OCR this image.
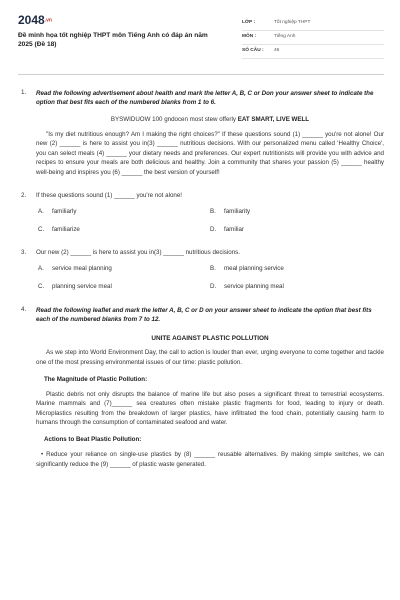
2048.vn
Đề minh họa tốt nghiệp THPT môn Tiếng Anh có đáp án năm 2025 (Đề 18)
LỚP :	Tốt nghiệp THPT
MÔN :	Tiếng Anh
SỐ CÂU :	46
1.	Read the following advertisement about health and mark the letter A, B, C or Don your answer sheet to indicate the option that best fits each of the numbered blanks from 1 to 6.
BYSWIDUOW 100 gndocen most stew offerly EAT SMART, LIVE WELL
"Is my diet nutritious enough? Am I making the right choices?" If these questions sound (1) ______ you're not alone! Our new (2) ______ is here to assist you in(3) ______ nutritious decisions. With our personalized menu called 'Healthy Choice', you can select meals (4) ______ your dietary needs and preferences. Our expert nutritionists will provide you with advice and recipes to ensure your meals are both delicious and healthy. Join a community that shares your passion (5) ______ healthy well-being and inspires you (6) ______ the best version of yourself!
2.	If these questions sound (1) ______ you're not alone!
A.	familiarly	B.	familiarity
C.	familiarize	D.	familiar
3.	Our new (2) ______ is here to assist you in(3) ______ nutritious decisions.
A.	service meal planning	B.	meal planning service
C.	planning service meal	D.	service planning meal
4.	Read the following leaflet and mark the letter A, B, C or D on your answer sheet to indicate the option that best fits each of the numbered blanks from 7 to 12.
UNITE AGAINST PLASTIC POLLUTION
As we step into World Environment Day, the call to action is louder than ever, urging everyone to come together and tackle one of the most pressing environmental issues of our time: plastic pollution.
The Magnitude of Plastic Pollution:
Plastic debris not only disrupts the balance of marine life but also poses a significant threat to terrestrial ecosystems. Marine mammals and (7)______ sea creatures often mistake plastic fragments for food, leading to injury or death. Microplastics resulting from the breakdown of larger plastics, have infiltrated the food chain, potentially causing harm to humans through the consumption of contaminated seafood and water.
Actions to Beat Plastic Pollution:
• Reduce your reliance on single-use plastics by (8) ______ reusable alternatives. By making simple switches, we can significantly reduce the (9) ______ of plastic waste generated.
